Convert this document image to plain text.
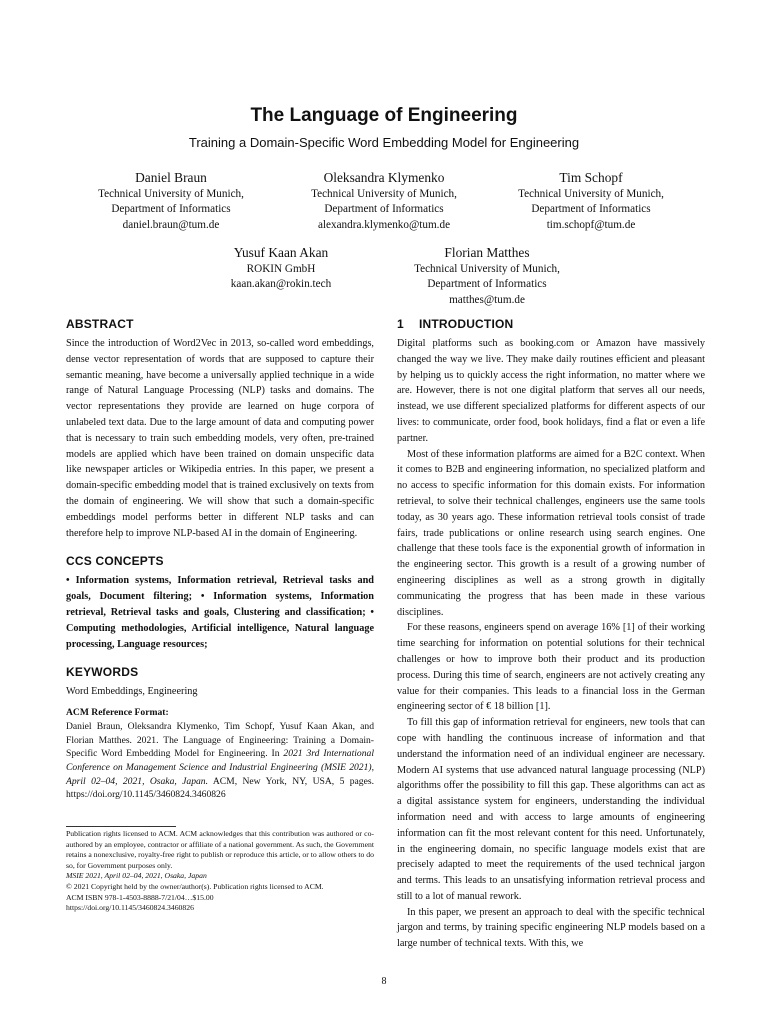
The Language of Engineering
Training a Domain-Specific Word Embedding Model for Engineering
Daniel Braun
Technical University of Munich,
Department of Informatics
daniel.braun@tum.de
Oleksandra Klymenko
Technical University of Munich,
Department of Informatics
alexandra.klymenko@tum.de
Tim Schopf
Technical University of Munich,
Department of Informatics
tim.schopf@tum.de
Yusuf Kaan Akan
ROKIN GmbH
kaan.akan@rokin.tech
Florian Matthes
Technical University of Munich,
Department of Informatics
matthes@tum.de
ABSTRACT

Since the introduction of Word2Vec in 2013, so-called word embeddings, dense vector representation of words that are supposed to capture their semantic meaning, have become a universally applied technique in a wide range of Natural Language Processing (NLP) tasks and domains. The vector representations they provide are learned on huge corpora of unlabeled text data. Due to the large amount of data and computing power that is necessary to train such embedding models, very often, pre-trained models are applied which have been trained on domain unspecific data like newspaper articles or Wikipedia entries. In this paper, we present a domain-specific embedding model that is trained exclusively on texts from the domain of engineering. We will show that such a domain-specific embeddings model performs better in different NLP tasks and can therefore help to improve NLP-based AI in the domain of Engineering.

CCS CONCEPTS

• Information systems, Information retrieval, Retrieval tasks and goals, Document filtering; • Information systems, Information retrieval, Retrieval tasks and goals, Clustering and classification; • Computing methodologies, Artificial intelligence, Natural language processing, Language resources;

KEYWORDS

Word Embeddings, Engineering

ACM Reference Format:
Daniel Braun, Oleksandra Klymenko, Tim Schopf, Yusuf Kaan Akan, and Florian Matthes. 2021. The Language of Engineering: Training a Domain-Specific Word Embedding Model for Engineering. In 2021 3rd International Conference on Management Science and Industrial Engineering (MSIE 2021), April 02–04, 2021, Osaka, Japan. ACM, New York, NY, USA, 5 pages. https://doi.org/10.1145/3460824.3460826
Publication rights licensed to ACM. ACM acknowledges that this contribution was authored or co-authored by an employee, contractor or affiliate of a national government. As such, the Government retains a nonexclusive, royalty-free right to publish or reproduce this article, or to allow others to do so, for Government purposes only.
MSIE 2021, April 02–04, 2021, Osaka, Japan
© 2021 Copyright held by the owner/author(s). Publication rights licensed to ACM.
ACM ISBN 978-1-4503-8888-7/21/04…$15.00
https://doi.org/10.1145/3460824.3460826
1 INTRODUCTION

Digital platforms such as booking.com or Amazon have massively changed the way we live. They make daily routines efficient and pleasant by helping us to quickly access the right information, no matter where we are. However, there is not one digital platform that serves all our needs, instead, we use different specialized platforms for different aspects of our lives: to communicate, order food, book holidays, find a flat or even a life partner.

Most of these information platforms are aimed for a B2C context. When it comes to B2B and engineering information, no specialized platform and no access to specific information for this domain exists. For information retrieval, to solve their technical challenges, engineers use the same tools today, as 30 years ago. These information retrieval tools consist of trade fairs, trade publications or online research using search engines. One challenge that these tools face is the exponential growth of information in the engineering sector. This growth is a result of a growing number of engineering disciplines as well as a strong growth in digitally communicating the progress that has been made in these various disciplines.

For these reasons, engineers spend on average 16% [1] of their working time searching for information on potential solutions for their technical challenges or how to improve both their product and its production process. During this time of search, engineers are not actively creating any value for their companies. This leads to a financial loss in the German engineering sector of € 18 billion [1].

To fill this gap of information retrieval for engineers, new tools that can cope with handling the continuous increase of information and that understand the information need of an individual engineer are necessary. Modern AI systems that use advanced natural language processing (NLP) algorithms offer the possibility to fill this gap. These algorithms can act as a digital assistance system for engineers, understanding the individual information need and with access to large amounts of engineering information can fit the most relevant content for this need. Unfortunately, in the engineering domain, no specific language models exist that are precisely adapted to meet the requirements of the used technical jargon and terms. This leads to an unsatisfying information retrieval process and still to a lot of manual rework.

In this paper, we present an approach to deal with the specific technical jargon and terms, by training specific engineering NLP models based on a large number of technical texts. With this, we

8
